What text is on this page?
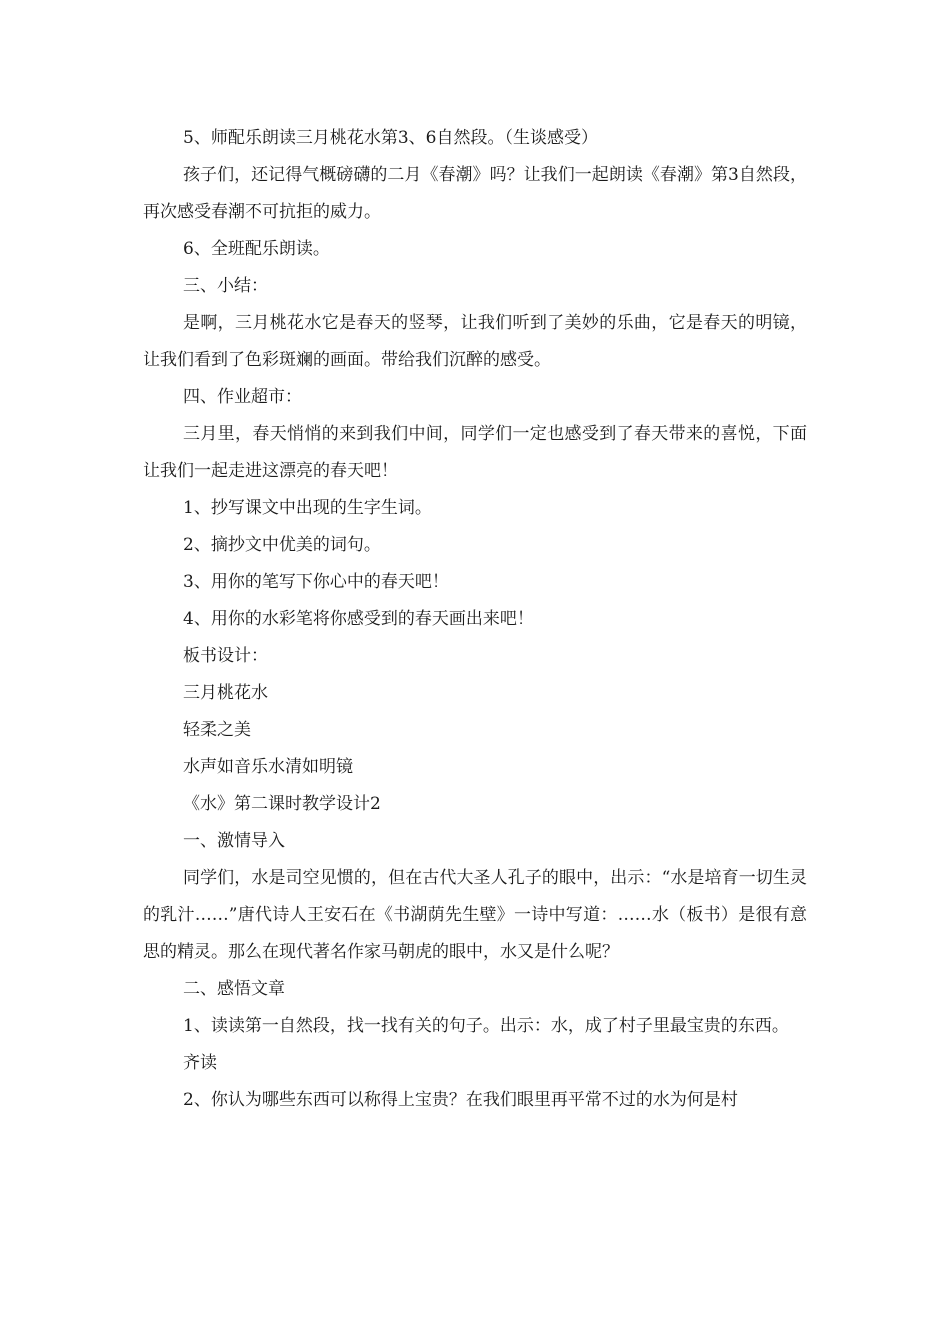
5、师配乐朗读三月桃花水第3、6自然段。（生谈感受）

孩子们，还记得气概磅礴的二月《春潮》吗？让我们一起朗读《春潮》第3自然段，再次感受春潮不可抗拒的威力。

6、全班配乐朗读。

三、小结：

是啊，三月桃花水它是春天的竖琴，让我们听到了美妙的乐曲，它是春天的明镜，让我们看到了色彩斑斓的画面。带给我们沉醉的感受。

四、作业超市：

三月里，春天悄悄的来到我们中间，同学们一定也感受到了春天带来的喜悦，下面让我们一起走进这漂亮的春天吧！

1、抄写课文中出现的生字生词。

2、摘抄文中优美的词句。

3、用你的笔写下你心中的春天吧！

4、用你的水彩笔将你感受到的春天画出来吧！

板书设计：

三月桃花水

轻柔之美

水声如音乐水清如明镜

《水》第二课时教学设计2

一、激情导入

同学们，水是司空见惯的，但在古代大圣人孔子的眼中，出示：“水是培育一切生灵的乳汁……”唐代诗人王安石在《书湖荫先生壁》一诗中写道：……水（板书）是很有意思的精灵。那么在现代著名作家马朝虎的眼中，水又是什么呢？

二、感悟文章

1、读读第一自然段，找一找有关的句子。出示：水，成了村子里最宝贵的东西。

齐读

2、你认为哪些东西可以称得上宝贵？在我们眼里再平常不过的水为何是村
